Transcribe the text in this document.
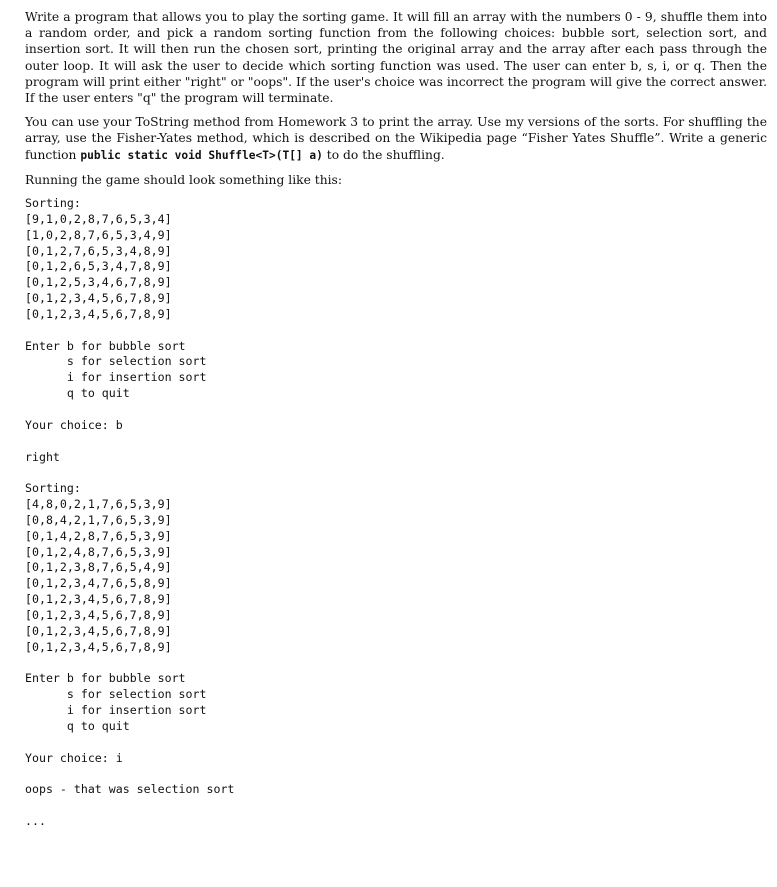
Write a program that allows you to play the sorting game. It will fill an array with the numbers 0 - 9, shuffle them into a random order, and pick a random sorting function from the following choices: bubble sort, selection sort, and insertion sort. It will then run the chosen sort, printing the original array and the array after each pass through the outer loop. It will ask the user to decide which sorting function was used. The user can enter b, s, i, or q. Then the program will print either "right" or "oops". If the user's choice was incorrect the program will give the correct answer. If the user enters "q" the program will terminate.

You can use your ToString method from Homework 3 to print the array. Use my versions of the sorts. For shuffling the array, use the Fisher-Yates method, which is described on the Wikipedia page “Fisher Yates Shuffle”. Write a generic function public static void Shuffle<T>(T[] a) to do the shuffling.

Running the game should look something like this:

Sorting:
[9,1,0,2,8,7,6,5,3,4]
[1,0,2,8,7,6,5,3,4,9]
[0,1,2,7,6,5,3,4,8,9]
[0,1,2,6,5,3,4,7,8,9]
[0,1,2,5,3,4,6,7,8,9]
[0,1,2,3,4,5,6,7,8,9]
[0,1,2,3,4,5,6,7,8,9]
Enter b for bubble sort
s for selection sort
i for insertion sort
q to quit
Your choice: b
right
Sorting:
[4,8,0,2,1,7,6,5,3,9]
[0,8,4,2,1,7,6,5,3,9]
[0,1,4,2,8,7,6,5,3,9]
[0,1,2,4,8,7,6,5,3,9]
[0,1,2,3,8,7,6,5,4,9]
[0,1,2,3,4,7,6,5,8,9]
[0,1,2,3,4,5,6,7,8,9]
[0,1,2,3,4,5,6,7,8,9]
[0,1,2,3,4,5,6,7,8,9]
[0,1,2,3,4,5,6,7,8,9]
Enter b for bubble sort
s for selection sort
i for insertion sort
q to quit
Your choice: i
oops - that was selection sort
...
